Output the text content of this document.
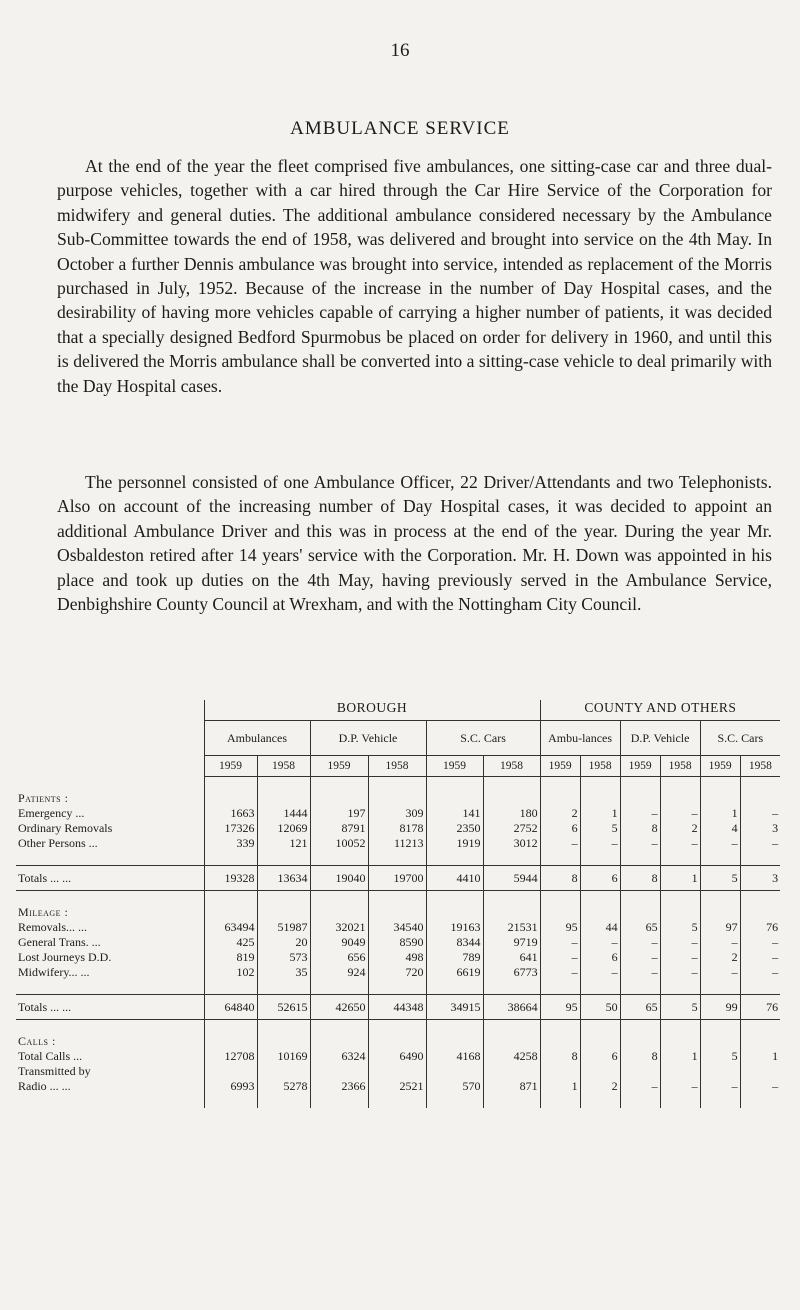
16
AMBULANCE SERVICE

At the end of the year the fleet comprised five ambulances, one sitting-case car and three dual-purpose vehicles, together with a car hired through the Car Hire Service of the Corporation for midwifery and general duties. The additional ambulance considered necessary by the Ambulance Sub-Committee towards the end of 1958, was delivered and brought into service on the 4th May. In October a further Dennis ambulance was brought into service, intended as replacement of the Morris purchased in July, 1952. Because of the increase in the number of Day Hospital cases, and the desirability of having more vehicles capable of carrying a higher number of patients, it was decided that a specially designed Bedford Spurmobus be placed on order for delivery in 1960, and until this is delivered the Morris ambulance shall be converted into a sitting-case vehicle to deal primarily with the Day Hospital cases.

The personnel consisted of one Ambulance Officer, 22 Driver/Attendants and two Telephonists. Also on account of the increasing number of Day Hospital cases, it was decided to appoint an additional Ambulance Driver and this was in process at the end of the year. During the year Mr. Osbaldeston retired after 14 years' service with the Corporation. Mr. H. Down was appointed in his place and took up duties on the 4th May, having previously served in the Ambulance Service, Denbighshire County Council at Wrexham, and with the Nottingham City Council.

	BOROUGH						COUNTY AND OTHERS					
	Ambulances		D.P. Vehicle		S.C. Cars		Ambu-lances		D.P. Vehicle		S.C. Cars	
	1959	1958	1959	1958	1959	1958	1959	1958	1959	1958	1959	1958

Patients :												
Emergency ...	1663	1444	197	309	141	180	2	1	–	–	1	–
Ordinary Removals	17326	12069	8791	8178	2350	2752	6	5	8	2	4	3
Other Persons ...	339	121	10052	11213	1919	3012	–	–	–	–	–	–

Totals ... ...	19328	13634	19040	19700	4410	5944	8	6	8	1	5	3

Mileage :												
Removals... ...	63494	51987	32021	34540	19163	21531	95	44	65	5	97	76
General Trans. ...	425	20	9049	8590	8344	9719	–	–	–	–	–	–
Lost Journeys D.D.	819	573	656	498	789	641	–	6	–	–	2	–
Midwifery... ...	102	35	924	720	6619	6773	–	–	–	–	–	–

Totals ... ...	64840	52615	42650	44348	34915	38664	95	50	65	5	99	76

Calls :												
Total Calls ...	12708	10169	6324	6490	4168	4258	8	6	8	1	5	1
Transmitted by												
Radio ... ...	6993	5278	2366	2521	570	871	1	2	–	–	–	–
